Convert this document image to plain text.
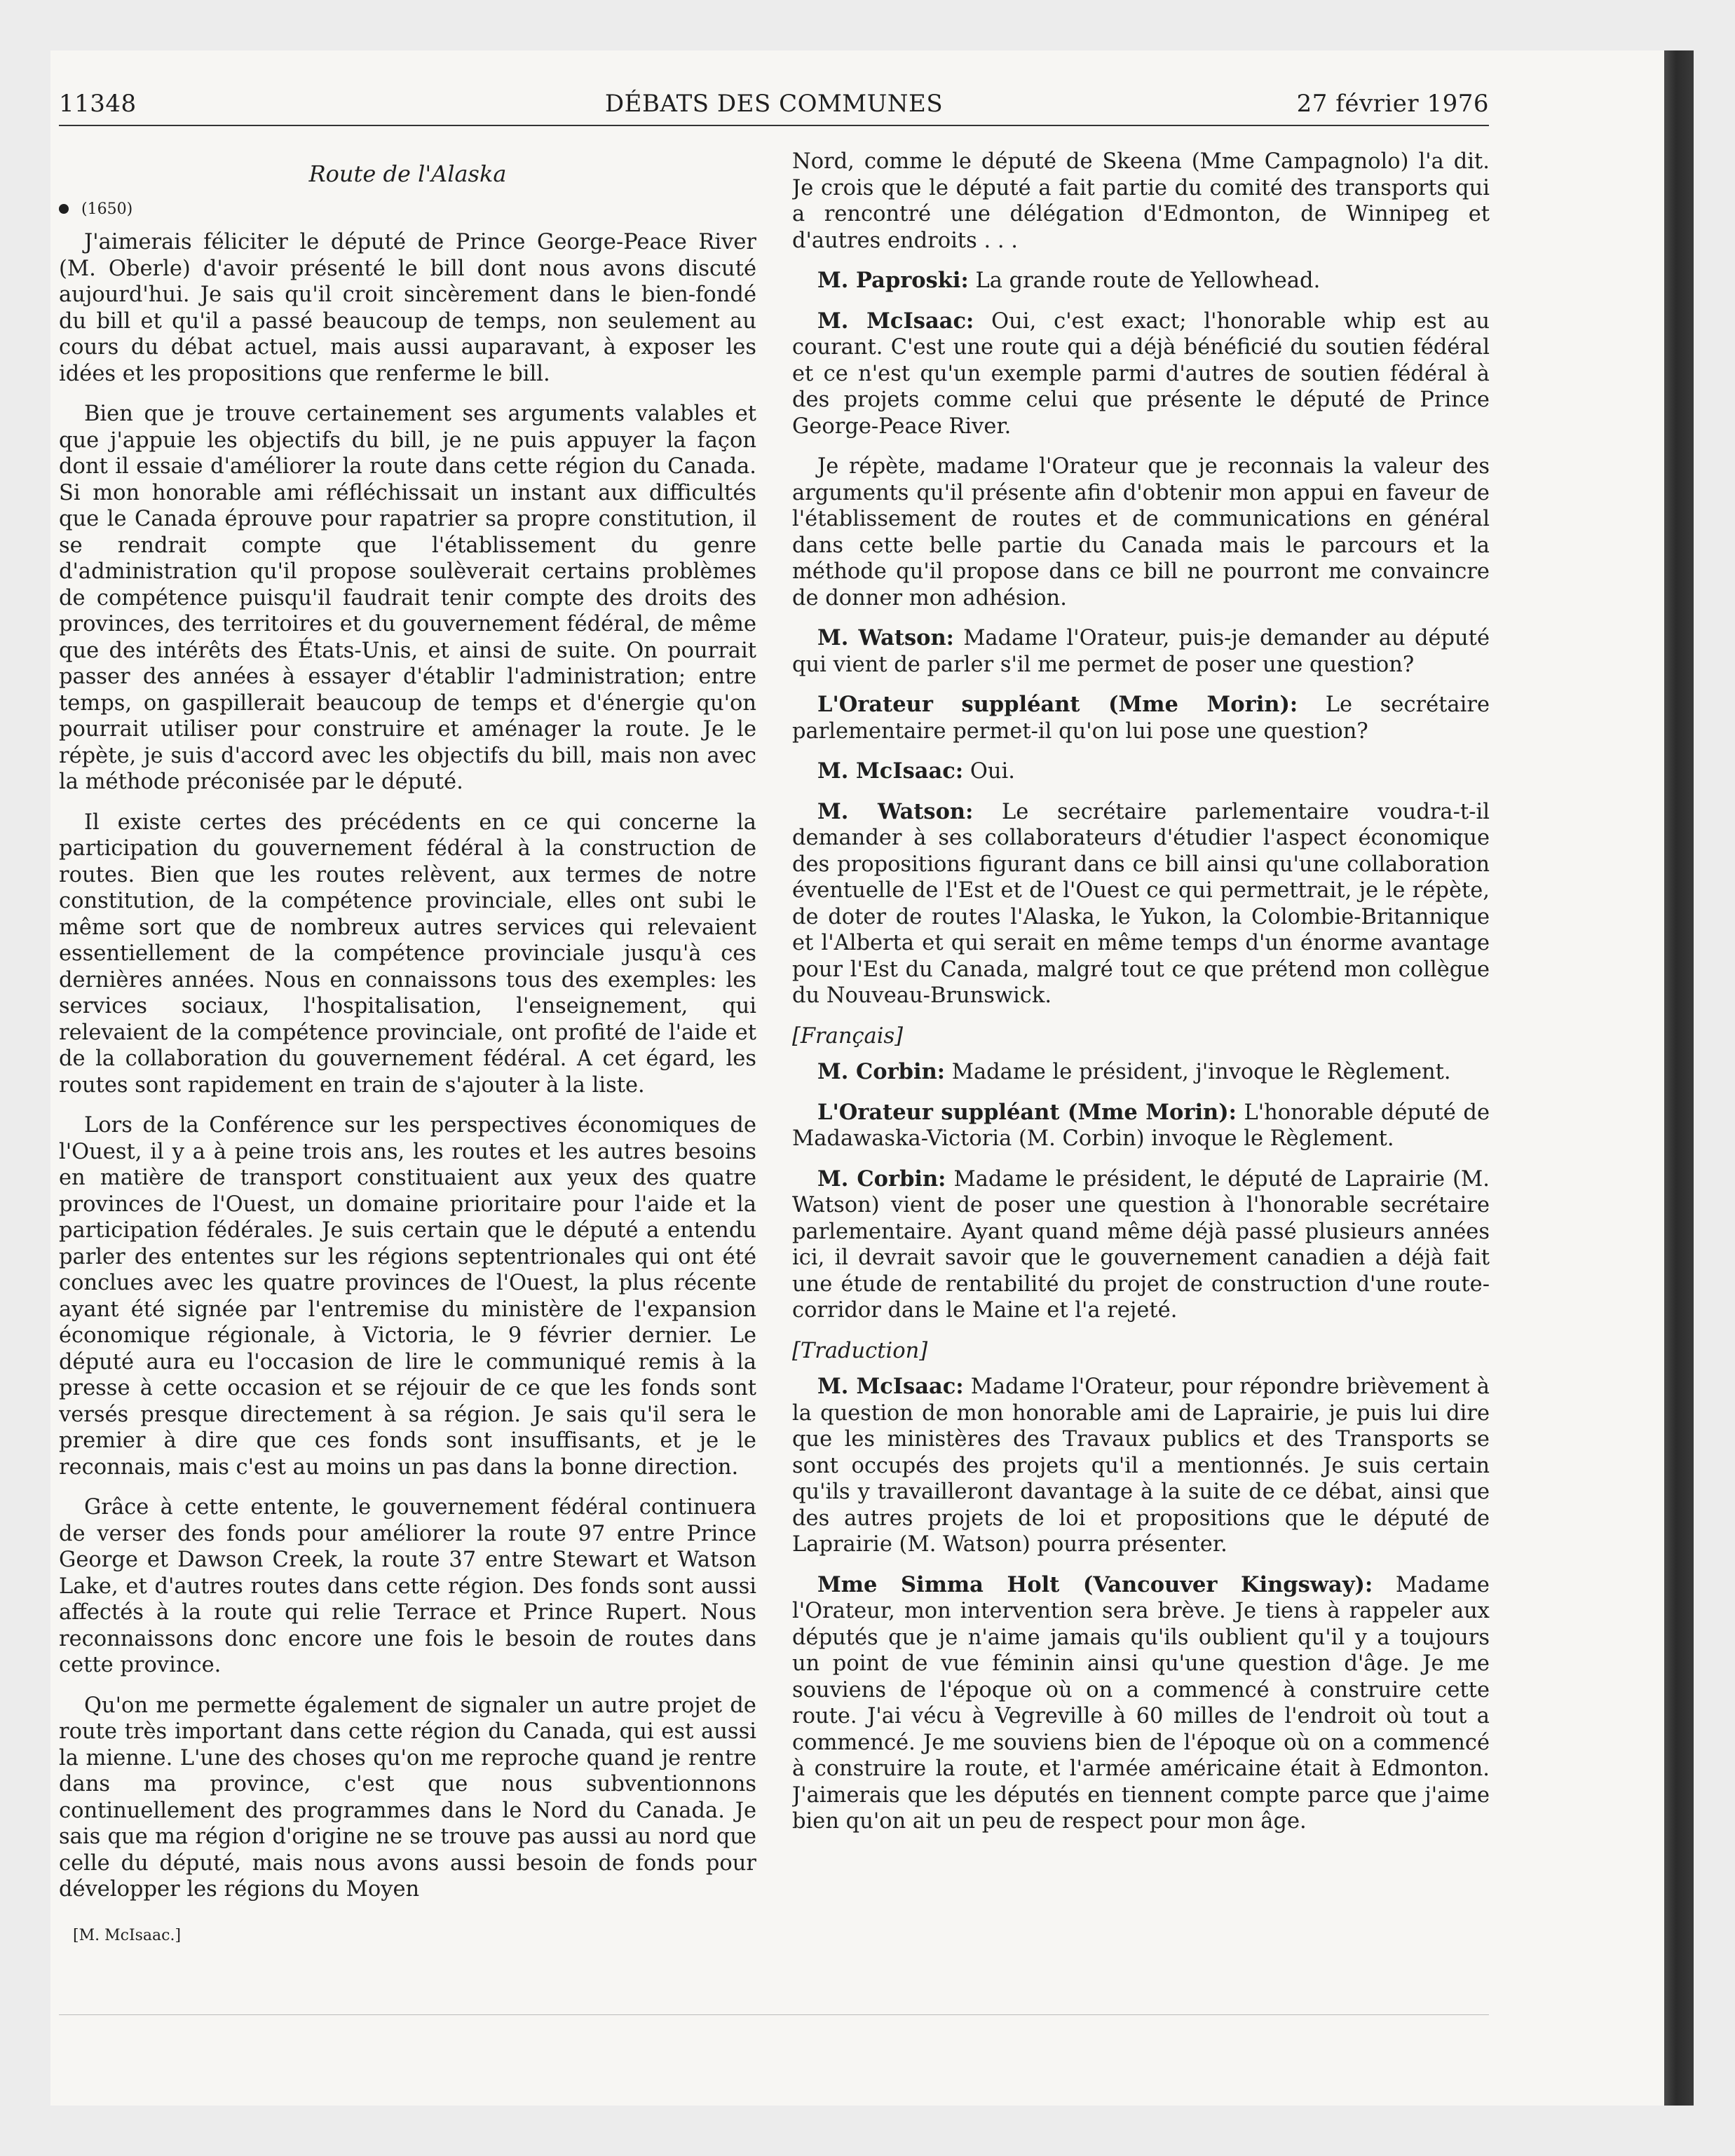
11348	DÉBATS DES COMMUNES	27 février 1976
Route de l'Alaska
(1650)

J'aimerais féliciter le député de Prince George-Peace River (M. Oberle) d'avoir présenté le bill dont nous avons discuté aujourd'hui. Je sais qu'il croit sincèrement dans le bien-fondé du bill et qu'il a passé beaucoup de temps, non seulement au cours du débat actuel, mais aussi auparavant, à exposer les idées et les propositions que renferme le bill.

Bien que je trouve certainement ses arguments valables et que j'appuie les objectifs du bill, je ne puis appuyer la façon dont il essaie d'améliorer la route dans cette région du Canada. Si mon honorable ami réfléchissait un instant aux difficultés que le Canada éprouve pour rapatrier sa propre constitution, il se rendrait compte que l'établissement du genre d'administration qu'il propose soulèverait certains problèmes de compétence puisqu'il faudrait tenir compte des droits des provinces, des territoires et du gouvernement fédéral, de même que des intérêts des États-Unis, et ainsi de suite. On pourrait passer des années à essayer d'établir l'administration; entre temps, on gaspillerait beaucoup de temps et d'énergie qu'on pourrait utiliser pour construire et aménager la route. Je le répète, je suis d'accord avec les objectifs du bill, mais non avec la méthode préconisée par le député.

Il existe certes des précédents en ce qui concerne la participation du gouvernement fédéral à la construction de routes. Bien que les routes relèvent, aux termes de notre constitution, de la compétence provinciale, elles ont subi le même sort que de nombreux autres services qui relevaient essentiellement de la compétence provinciale jusqu'à ces dernières années. Nous en connaissons tous des exemples: les services sociaux, l'hospitalisation, l'enseignement, qui relevaient de la compétence provinciale, ont profité de l'aide et de la collaboration du gouvernement fédéral. A cet égard, les routes sont rapidement en train de s'ajouter à la liste.

Lors de la Conférence sur les perspectives économiques de l'Ouest, il y a à peine trois ans, les routes et les autres besoins en matière de transport constituaient aux yeux des quatre provinces de l'Ouest, un domaine prioritaire pour l'aide et la participation fédérales. Je suis certain que le député a entendu parler des ententes sur les régions septentrionales qui ont été conclues avec les quatre provinces de l'Ouest, la plus récente ayant été signée par l'entremise du ministère de l'expansion économique régionale, à Victoria, le 9 février dernier. Le député aura eu l'occasion de lire le communiqué remis à la presse à cette occasion et se réjouir de ce que les fonds sont versés presque directement à sa région. Je sais qu'il sera le premier à dire que ces fonds sont insuffisants, et je le reconnais, mais c'est au moins un pas dans la bonne direction.

Grâce à cette entente, le gouvernement fédéral continuera de verser des fonds pour améliorer la route 97 entre Prince George et Dawson Creek, la route 37 entre Stewart et Watson Lake, et d'autres routes dans cette région. Des fonds sont aussi affectés à la route qui relie Terrace et Prince Rupert. Nous reconnaissons donc encore une fois le besoin de routes dans cette province.

Qu'on me permette également de signaler un autre projet de route très important dans cette région du Canada, qui est aussi la mienne. L'une des choses qu'on me reproche quand je rentre dans ma province, c'est que nous subventionnons continuellement des programmes dans le Nord du Canada. Je sais que ma région d'origine ne se trouve pas aussi au nord que celle du député, mais nous avons aussi besoin de fonds pour développer les régions du Moyen

[M. McIsaac.]

Nord, comme le député de Skeena (Mme Campagnolo) l'a dit. Je crois que le député a fait partie du comité des transports qui a rencontré une délégation d'Edmonton, de Winnipeg et d'autres endroits . . .

M. Paproski: La grande route de Yellowhead.

M. McIsaac: Oui, c'est exact; l'honorable whip est au courant. C'est une route qui a déjà bénéficié du soutien fédéral et ce n'est qu'un exemple parmi d'autres de soutien fédéral à des projets comme celui que présente le député de Prince George-Peace River.

Je répète, madame l'Orateur que je reconnais la valeur des arguments qu'il présente afin d'obtenir mon appui en faveur de l'établissement de routes et de communications en général dans cette belle partie du Canada mais le parcours et la méthode qu'il propose dans ce bill ne pourront me convaincre de donner mon adhésion.

M. Watson: Madame l'Orateur, puis-je demander au député qui vient de parler s'il me permet de poser une question?

L'Orateur suppléant (Mme Morin): Le secrétaire parlementaire permet-il qu'on lui pose une question?

M. McIsaac: Oui.

M. Watson: Le secrétaire parlementaire voudra-t-il demander à ses collaborateurs d'étudier l'aspect économique des propositions figurant dans ce bill ainsi qu'une collaboration éventuelle de l'Est et de l'Ouest ce qui permettrait, je le répète, de doter de routes l'Alaska, le Yukon, la Colombie-Britannique et l'Alberta et qui serait en même temps d'un énorme avantage pour l'Est du Canada, malgré tout ce que prétend mon collègue du Nouveau-Brunswick.

[Français]

M. Corbin: Madame le président, j'invoque le Règlement.

L'Orateur suppléant (Mme Morin): L'honorable député de Madawaska-Victoria (M. Corbin) invoque le Règlement.

M. Corbin: Madame le président, le député de Laprairie (M. Watson) vient de poser une question à l'honorable secrétaire parlementaire. Ayant quand même déjà passé plusieurs années ici, il devrait savoir que le gouvernement canadien a déjà fait une étude de rentabilité du projet de construction d'une route-corridor dans le Maine et l'a rejeté.

[Traduction]

M. McIsaac: Madame l'Orateur, pour répondre brièvement à la question de mon honorable ami de Laprairie, je puis lui dire que les ministères des Travaux publics et des Transports se sont occupés des projets qu'il a mentionnés. Je suis certain qu'ils y travailleront davantage à la suite de ce débat, ainsi que des autres projets de loi et propositions que le député de Laprairie (M. Watson) pourra présenter.

Mme Simma Holt (Vancouver Kingsway): Madame l'Orateur, mon intervention sera brève. Je tiens à rappeler aux députés que je n'aime jamais qu'ils oublient qu'il y a toujours un point de vue féminin ainsi qu'une question d'âge. Je me souviens de l'époque où on a commencé à construire cette route. J'ai vécu à Vegreville à 60 milles de l'endroit où tout a commencé. Je me souviens bien de l'époque où on a commencé à construire la route, et l'armée américaine était à Edmonton. J'aimerais que les députés en tiennent compte parce que j'aime bien qu'on ait un peu de respect pour mon âge.
